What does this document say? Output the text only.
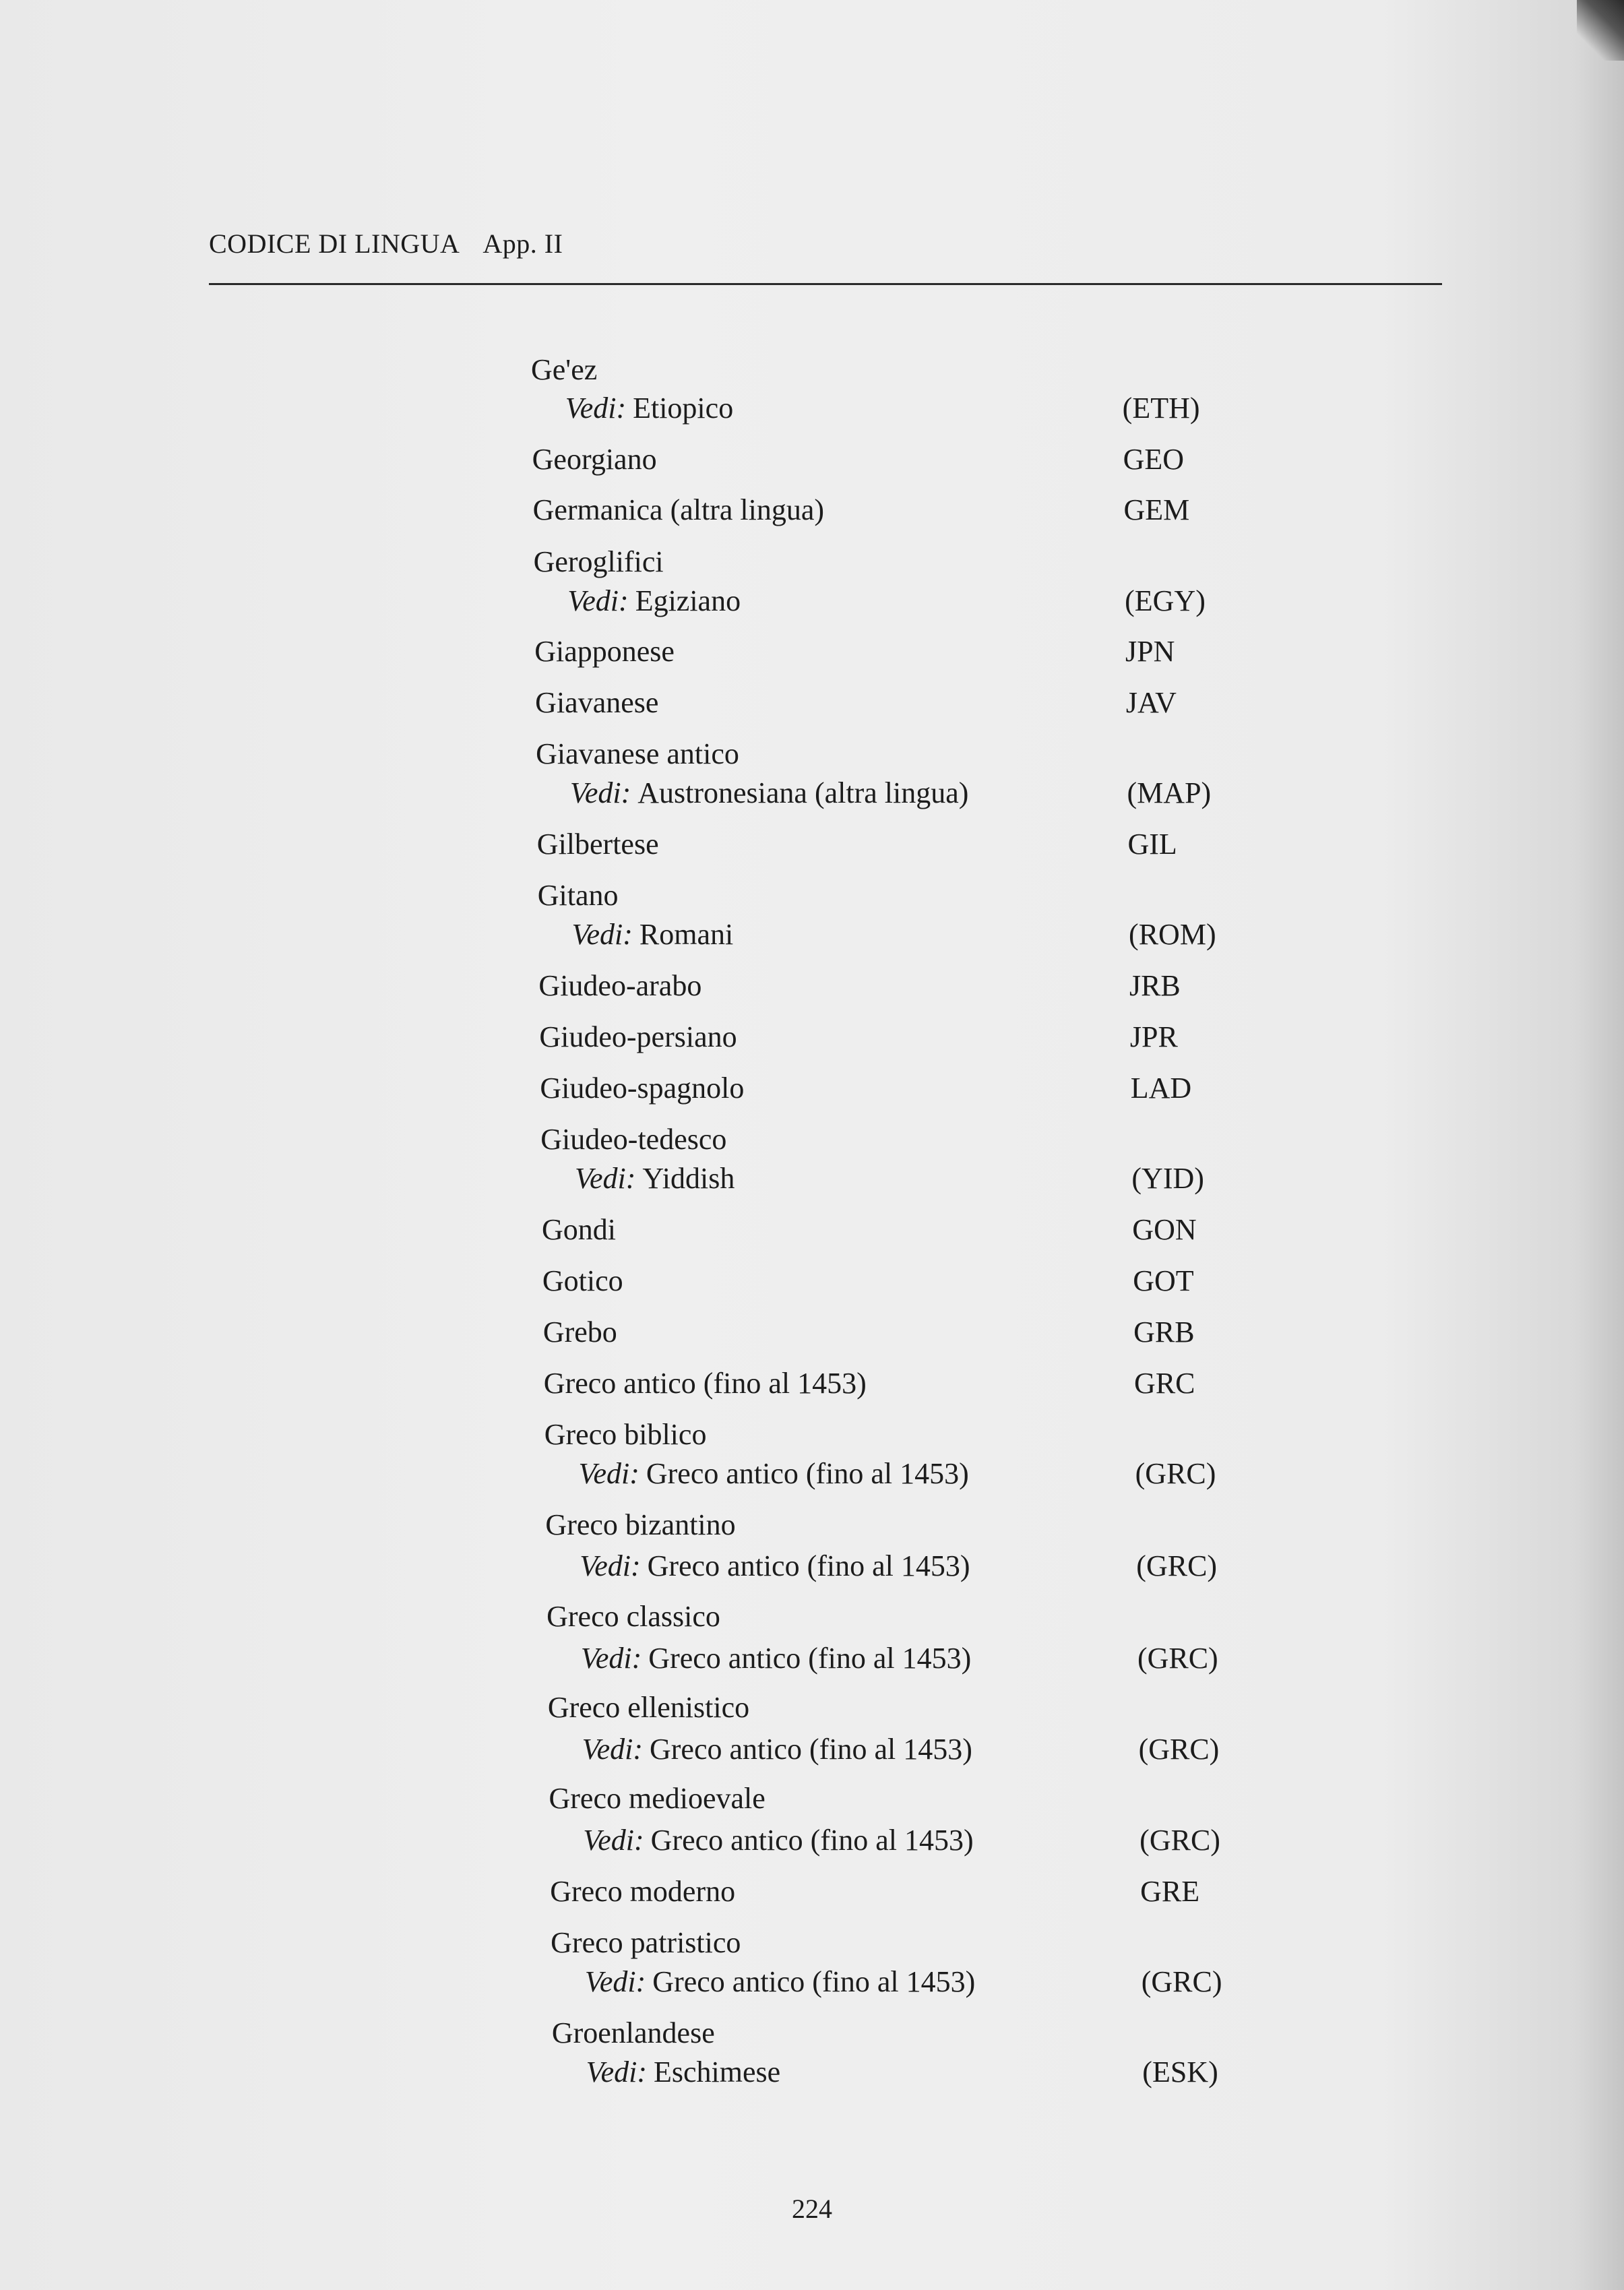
CODICE DI LINGUA App. II
Ge'ez
Vedi: Etiopico	(ETH)
Georgiano	GEO
Germanica (altra lingua)	GEM
Geroglifici
Vedi: Egiziano	(EGY)
Giapponese	JPN
Giavanese	JAV
Giavanese antico
Vedi: Austronesiana (altra lingua)	(MAP)
Gilbertese	GIL
Gitano
Vedi: Romani	(ROM)
Giudeo-arabo	JRB
Giudeo-persiano	JPR
Giudeo-spagnolo	LAD
Giudeo-tedesco
Vedi: Yiddish	(YID)
Gondi	GON
Gotico	GOT
Grebo	GRB
Greco antico (fino al 1453)	GRC
Greco biblico
Vedi: Greco antico (fino al 1453)	(GRC)
Greco bizantino
Vedi: Greco antico (fino al 1453)	(GRC)
Greco classico
Vedi: Greco antico (fino al 1453)	(GRC)
Greco ellenistico
Vedi: Greco antico (fino al 1453)	(GRC)
Greco medioevale
Vedi: Greco antico (fino al 1453)	(GRC)
Greco moderno	GRE
Greco patristico
Vedi: Greco antico (fino al 1453)	(GRC)
Groenlandese
Vedi: Eschimese	(ESK)
224
